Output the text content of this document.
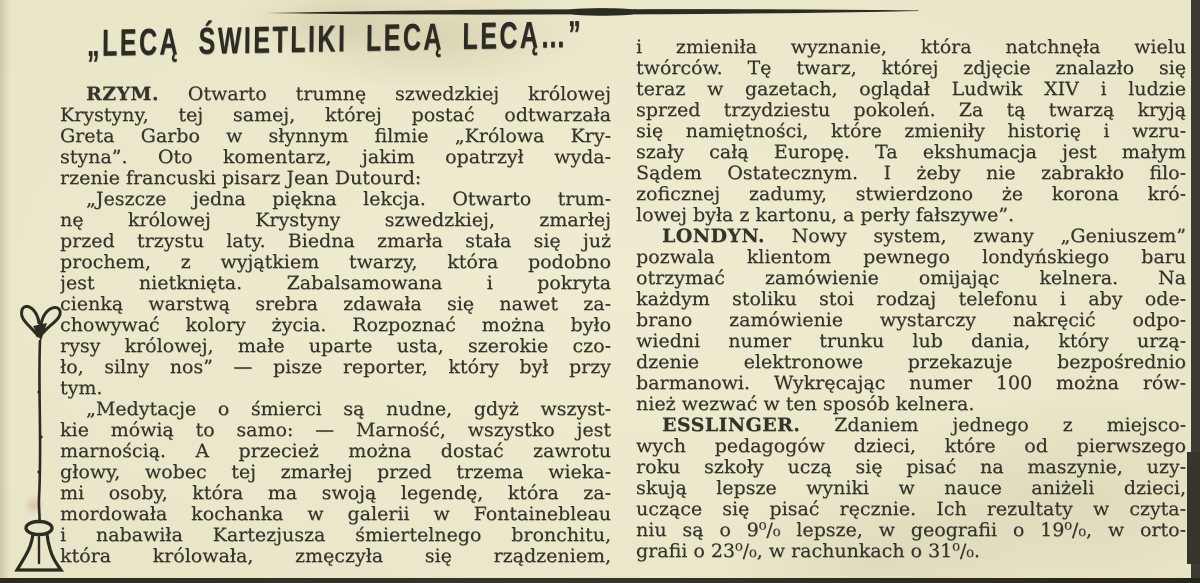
„LECĄ ŚWIETLIKI LECĄ LECĄ…”
RZYM. Otwarto trumnę szwedzkiej królowej
Krystyny, tej samej, której postać odtwarzała
Greta Garbo w słynnym filmie „Królowa Kry-
styna”. Oto komentarz, jakim opatrzył wyda-
rzenie francuski pisarz Jean Dutourd:
„Jeszcze jedna piękna lekcja. Otwarto trum-
nę królowej Krystyny szwedzkiej, zmarłej
przed trzystu laty. Biedna zmarła stała się już
prochem, z wyjątkiem twarzy, która podobno
jest nietknięta. Zabalsamowana i pokryta
cienką warstwą srebra zdawała się nawet za-
chowywać kolory życia. Rozpoznać można było
rysy królowej, małe uparte usta, szerokie czo-
ło, silny nos” — pisze reporter, który był przy
tym.
„Medytacje o śmierci są nudne, gdyż wszyst-
kie mówią to samo: — Marność, wszystko jest
marnością. A przecież można dostać zawrotu
głowy, wobec tej zmarłej przed trzema wieka-
mi osoby, która ma swoją legendę, która za-
mordowała kochanka w galerii w Fontainebleau
i nabawiła Kartezjusza śmiertelnego bronchitu,
która królowała, zmęczyła się rządzeniem,
i zmieniła wyznanie, która natchnęła wielu
twórców. Tę twarz, której zdjęcie znalazło się
teraz w gazetach, oglądał Ludwik XIV i ludzie
sprzed trzydziestu pokoleń. Za tą twarzą kryją
się namiętności, które zmieniły historię i wzru-
szały całą Europę. Ta ekshumacja jest małym
Sądem Ostatecznym. I żeby nie zabrakło filo-
zoficznej zadumy, stwierdzono że korona kró-
lowej była z kartonu, a perły fałszywe”.
LONDYN. Nowy system, zwany „Geniuszem”
pozwala klientom pewnego londyńskiego baru
otrzymać zamówienie omijając kelnera. Na
każdym stoliku stoi rodzaj telefonu i aby ode-
brano zamówienie wystarczy nakręcić odpo-
wiedni numer trunku lub dania, który urzą-
dzenie elektronowe przekazuje bezpośrednio
barmanowi. Wykręcając numer 100 można rów-
nież wezwać w ten sposób kelnera.
ESSLINGER. Zdaniem jednego z miejsco-
wych pedagogów dzieci, które od pierwszego
roku szkoły uczą się pisać na maszynie, uzy-
skują lepsze wyniki w nauce aniżeli dzieci,
uczące się pisać ręcznie. Ich rezultaty w czyta-
niu są o 9⁰/₀ lepsze, w geografii o 19⁰/₀, w orto-
grafii o 23⁰/₀, w rachunkach o 31⁰/₀.
